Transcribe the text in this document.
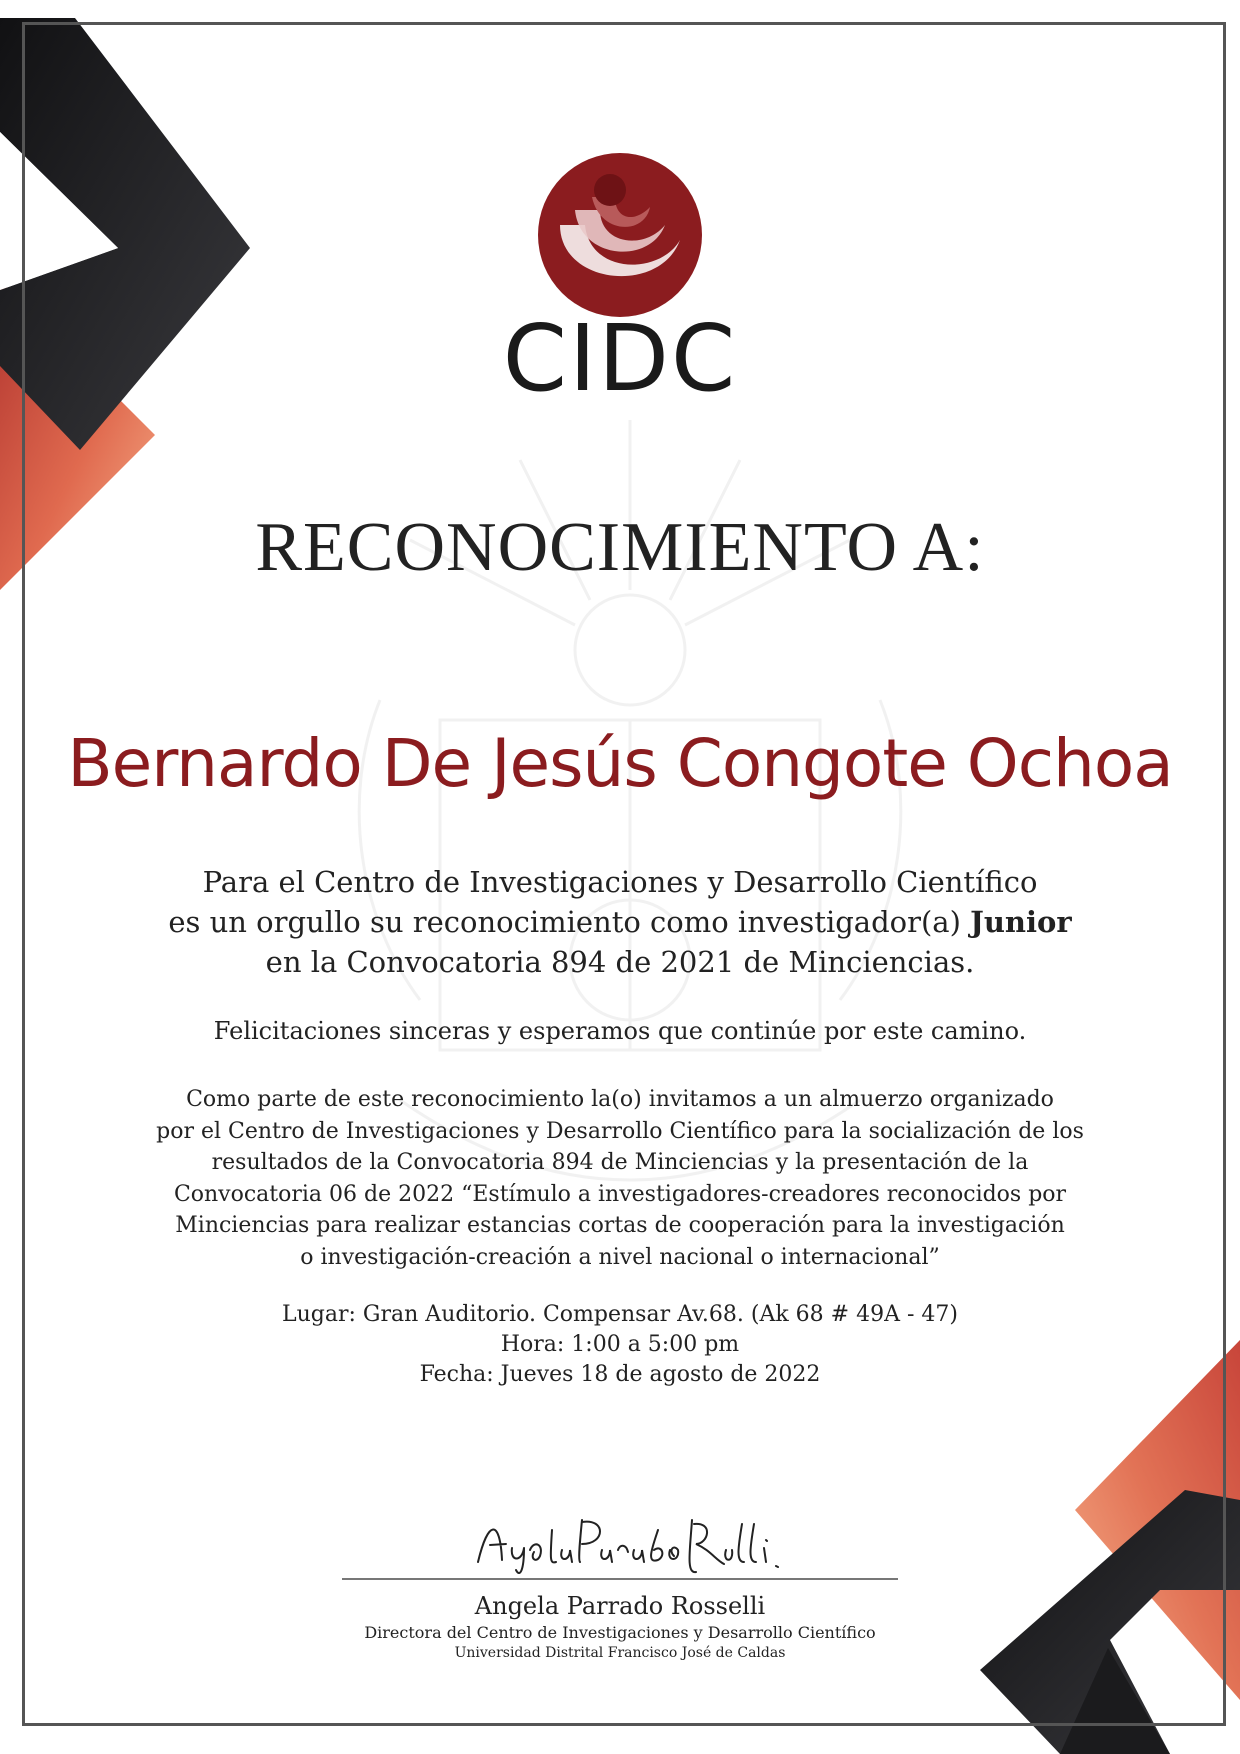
CIDC
RECONOCIMIENTO A:
Bernardo De Jesús Congote Ochoa
Para el Centro de Investigaciones y Desarrollo Científico
es un orgullo su reconocimiento como investigador(a) Junior
en la Convocatoria 894 de 2021 de Minciencias.
Felicitaciones sinceras y esperamos que continúe por este camino.
Como parte de este reconocimiento la(o) invitamos a un almuerzo organizado
por el Centro de Investigaciones y Desarrollo Científico para la socialización de los
resultados de la Convocatoria 894 de Minciencias y la presentación de la
Convocatoria 06 de 2022 “Estímulo a investigadores-creadores reconocidos por
Minciencias para realizar estancias cortas de cooperación para la investigación
o investigación-creación a nivel nacional o internacional”
Lugar: Gran Auditorio. Compensar Av.68. (Ak 68 # 49A - 47)
Hora: 1:00 a 5:00 pm
Fecha: Jueves 18 de agosto de 2022
Angela Parrado Rosselli
Directora del Centro de Investigaciones y Desarrollo Científico
Universidad Distrital Francisco José de Caldas
